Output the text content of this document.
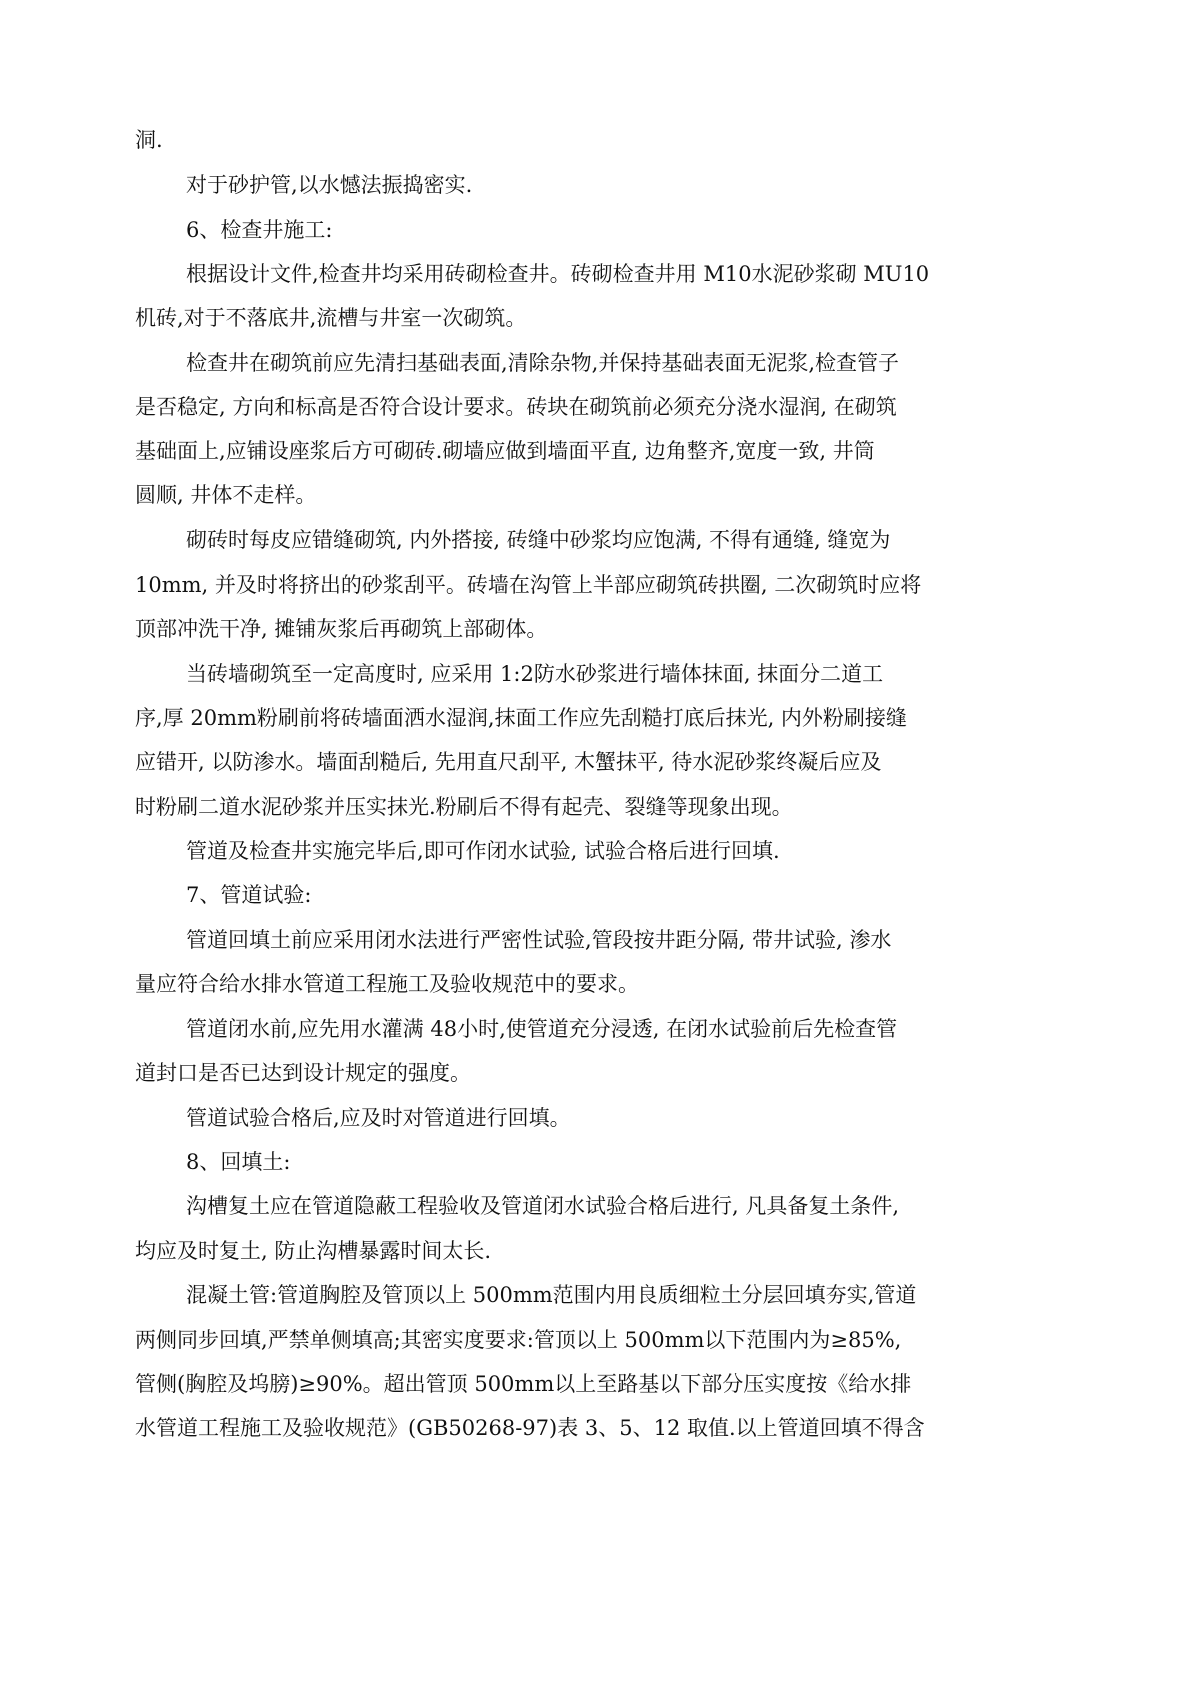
洞.
对于砂护管,以水憾法振捣密实.
6、检查井施工:
根据设计文件,检查井均采用砖砌检查井。砖砌检查井用 M10水泥砂浆砌 MU10
机砖,对于不落底井,流槽与井室一次砌筑。
检查井在砌筑前应先清扫基础表面,清除杂物,并保持基础表面无泥浆,检查管子
是否稳定, 方向和标高是否符合设计要求。砖块在砌筑前必须充分浇水湿润, 在砌筑
基础面上,应铺设座浆后方可砌砖.砌墙应做到墙面平直, 边角整齐,宽度一致, 井筒
圆顺, 井体不走样。
砌砖时每皮应错缝砌筑, 内外搭接, 砖缝中砂浆均应饱满, 不得有通缝, 缝宽为
10mm, 并及时将挤出的砂浆刮平。砖墙在沟管上半部应砌筑砖拱圈, 二次砌筑时应将
顶部冲洗干净, 摊铺灰浆后再砌筑上部砌体。
当砖墙砌筑至一定高度时, 应采用 1:2防水砂浆进行墙体抹面, 抹面分二道工
序,厚 20mm粉刷前将砖墙面洒水湿润,抹面工作应先刮糙打底后抹光, 内外粉刷接缝
应错开, 以防渗水。墙面刮糙后, 先用直尺刮平, 木蟹抹平, 待水泥砂浆终凝后应及
时粉刷二道水泥砂浆并压实抹光.粉刷后不得有起壳、裂缝等现象出现。
管道及检查井实施完毕后,即可作闭水试验, 试验合格后进行回填.
7、管道试验:
管道回填土前应采用闭水法进行严密性试验,管段按井距分隔, 带井试验, 渗水
量应符合给水排水管道工程施工及验收规范中的要求。
管道闭水前,应先用水灌满 48小时,使管道充分浸透, 在闭水试验前后先检查管
道封口是否已达到设计规定的强度。
管道试验合格后,应及时对管道进行回填。
8、回填土:
沟槽复土应在管道隐蔽工程验收及管道闭水试验合格后进行, 凡具备复土条件,
均应及时复土, 防止沟槽暴露时间太长.
混凝土管:管道胸腔及管顶以上 500mm范围内用良质细粒土分层回填夯实,管道
两侧同步回填,严禁单侧填高;其密实度要求:管顶以上 500mm以下范围内为≥85%,
管侧(胸腔及坞膀)≥90%。超出管顶 500mm以上至路基以下部分压实度按《给水排
水管道工程施工及验收规范》(GB50268-97)表 3、5、12 取值.以上管道回填不得含
